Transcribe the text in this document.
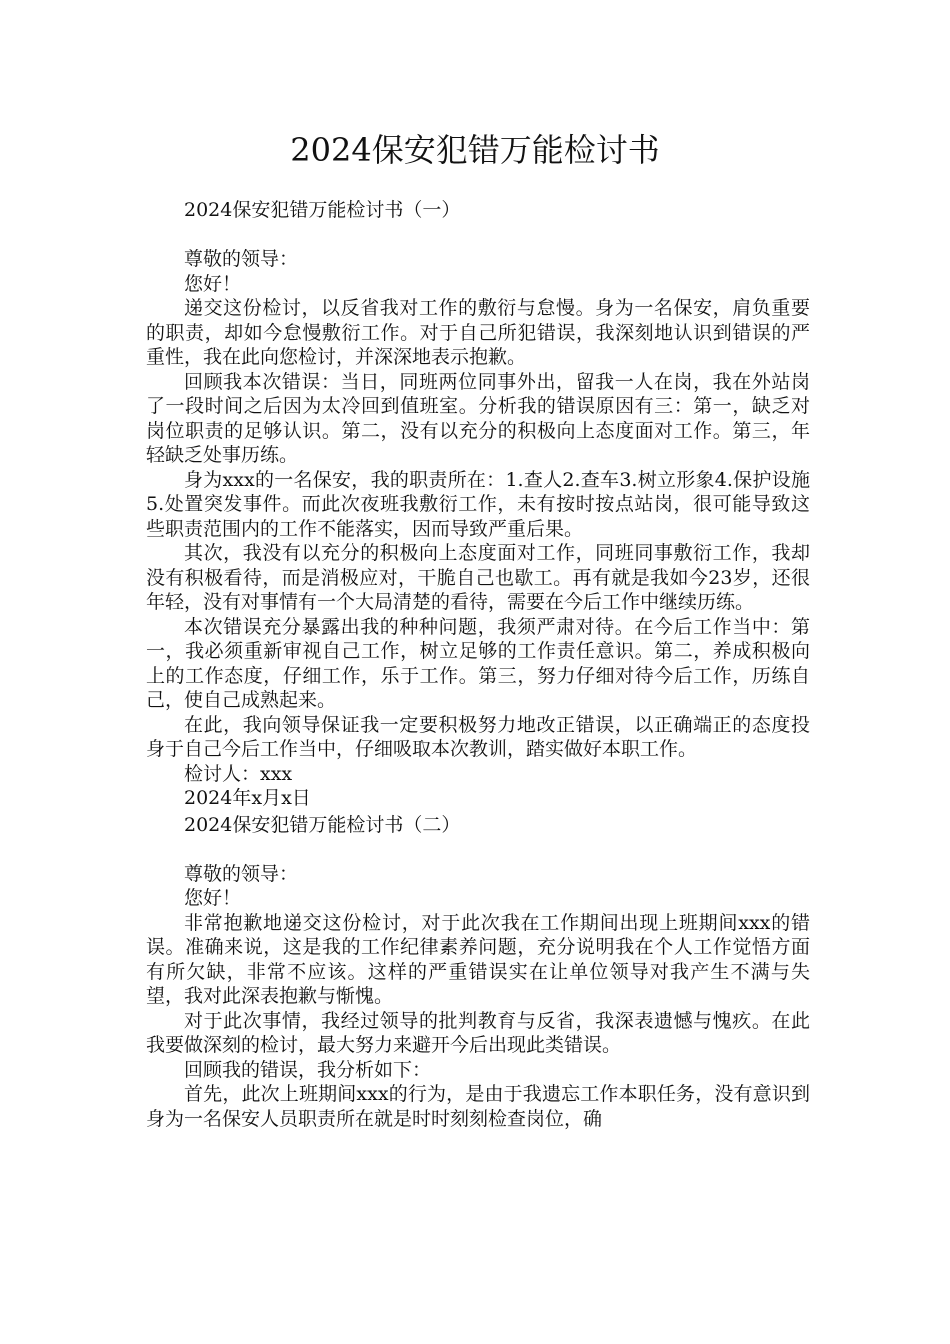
2024保安犯错万能检讨书

2024保安犯错万能检讨书（一）

尊敬的领导：

您好！

递交这份检讨，以反省我对工作的敷衍与怠慢。身为一名保安，肩负重要的职责，却如今怠慢敷衍工作。对于自己所犯错误，我深刻地认识到错误的严重性，我在此向您检讨，并深深地表示抱歉。

回顾我本次错误：当日，同班两位同事外出，留我一人在岗，我在外站岗了一段时间之后因为太冷回到值班室。分析我的错误原因有三：第一，缺乏对岗位职责的足够认识。第二，没有以充分的积极向上态度面对工作。第三，年轻缺乏处事历练。

身为xxx的一名保安，我的职责所在：1.查人2.查车3.树立形象4.保护设施5.处置突发事件。而此次夜班我敷衍工作，未有按时按点站岗，很可能导致这些职责范围内的工作不能落实，因而导致严重后果。

其次，我没有以充分的积极向上态度面对工作，同班同事敷衍工作，我却没有积极看待，而是消极应对，干脆自己也歇工。再有就是我如今23岁，还很年轻，没有对事情有一个大局清楚的看待，需要在今后工作中继续历练。

本次错误充分暴露出我的种种问题，我须严肃对待。在今后工作当中：第一，我必须重新审视自己工作，树立足够的工作责任意识。第二，养成积极向上的工作态度，仔细工作，乐于工作。第三，努力仔细对待今后工作，历练自己，使自己成熟起来。

在此，我向领导保证我一定要积极努力地改正错误，以正确端正的态度投身于自己今后工作当中，仔细吸取本次教训，踏实做好本职工作。

检讨人：xxx

2024年x月x日

2024保安犯错万能检讨书（二）

尊敬的领导：

您好！

非常抱歉地递交这份检讨，对于此次我在工作期间出现上班期间xxx的错误。准确来说，这是我的工作纪律素养问题，充分说明我在个人工作觉悟方面有所欠缺，非常不应该。这样的严重错误实在让单位领导对我产生不满与失望，我对此深表抱歉与惭愧。

对于此次事情，我经过领导的批判教育与反省，我深表遗憾与愧疚。在此我要做深刻的检讨，最大努力来避开今后出现此类错误。

回顾我的错误，我分析如下：

首先，此次上班期间xxx的行为，是由于我遗忘工作本职任务，没有意识到身为一名保安人员职责所在就是时时刻刻检查岗位，确
